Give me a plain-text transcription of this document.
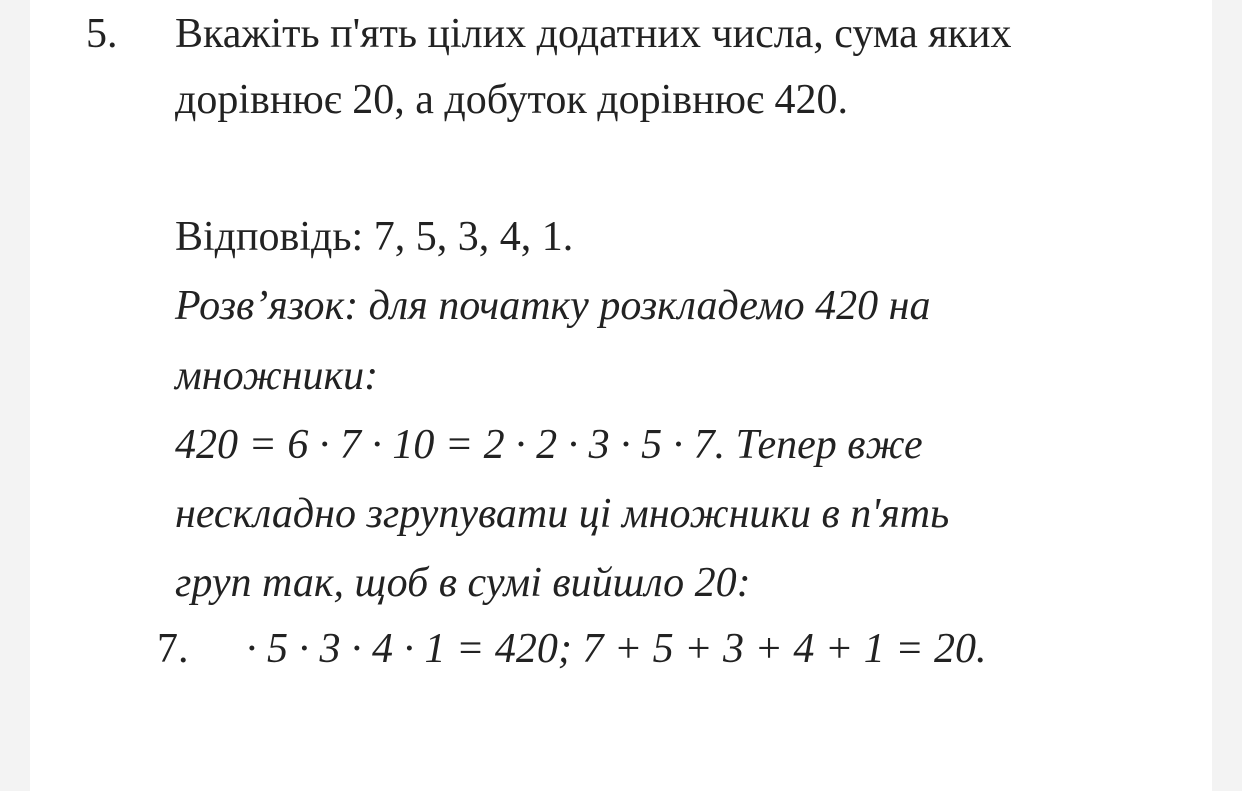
5. Вкажіть п'ять цілих додатних числа, сума яких
дорівнює 20, а добуток дорівнює 420.
Відповідь: 7, 5, 3, 4, 1.
Розв’язок: для початку розкладемо 420 на
множники:
420 = 6 · 7 · 10 = 2 · 2 · 3 · 5 · 7. Тепер вже
нескладно згрупувати ці множники в п'ять
груп так, щоб в сумі вийшло 20:
7. · 5 · 3 · 4 · 1 = 420; 7 + 5 + 3 + 4 + 1 = 20.
